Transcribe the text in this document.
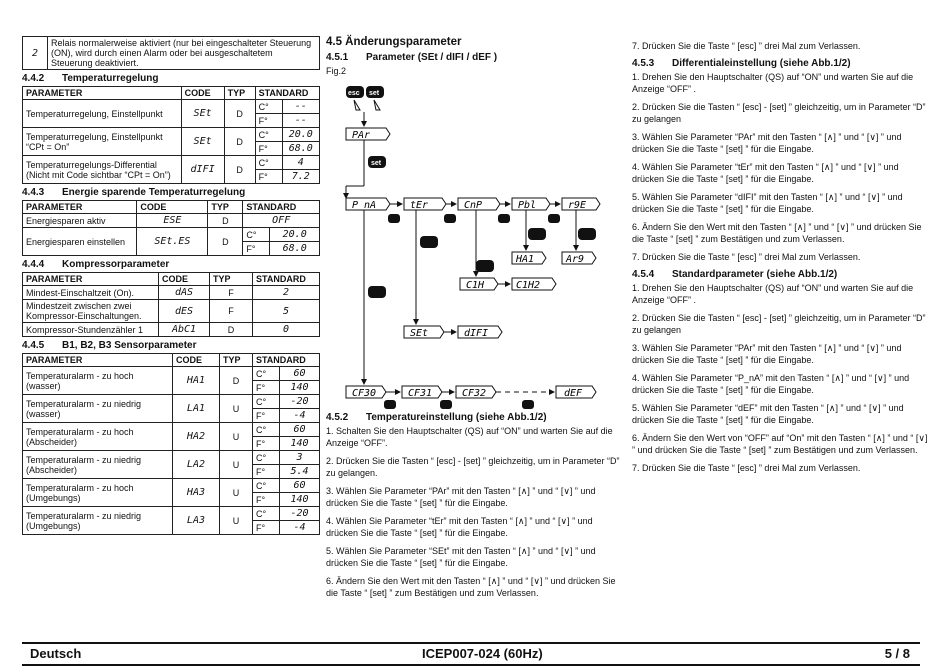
2	Relais normalerweise aktiviert (nur bei eingeschalteter Steuerung (ON), wird durch einen Alarm oder bei ausgeschaltetem Steuerung deaktiviert.
4.4.2 Temperaturregelung
PARAMETER	CODE	TYP	STANDARD	
Temperaturregelung, Einstellpunkt	SEt	D	C°	--
			F°	--
Temperaturregelung, Einstellpunkt “CPt = On”	SEt	D	C°	20.0
			F°	68.0
Temperaturregelungs-Differential (Nicht mit Code sichtbar “CPt = On”)	dIFI	D	C°	4
			F°	7.2
4.4.3 Energie sparende Temperaturregelung
PARAMETER	CODE	TYP	STANDARD	
Energiesparen aktiv	ESE	D	OFF	
Energiesparen einstellen	SEt.ES	D	C°	20.0
			F°	68.0
4.4.4 Kompressorparameter
PARAMETER	CODE	TYP	STANDARD
Mindest-Einschaltzeit (On).	dAS	F	2
Mindestzeit zwischen zwei Kompressor-Einschaltungen.	dES	F	5
Kompressor-Stundenzähler 1	AbC1	D	0
4.4.5 B1, B2, B3 Sensorparameter
PARAMETER	CODE	TYP	STANDARD	
Temperaturalarm - zu hoch (wasser)	HA1	D	C°	60
			F°	140
Temperaturalarm - zu niedrig (wasser)	LA1	U	C°	-20
			F°	-4
Temperaturalarm - zu hoch (Abscheider)	HA2	U	C°	60
			F°	140
Temperaturalarm - zu niedrig (Abscheider)	LA2	U	C°	3
			F°	5.4
Temperaturalarm - zu hoch (Umgebungs)	HA3	U	C°	60
			F°	140
Temperaturalarm - zu niedrig (Umgebungs)	LA3	U	C°	-20
			F°	-4
4.5 Änderungsparameter
4.5.1 Parameter (SEt / dIFI / dEF )
Fig.2
esc set
PAr
set
P_nA	tEr	CnP	Pbl	r9E
HA1	Ar9
C1H	C1H2
SEt	dIFI
CF30	CF31	CF32	dEF
4.5.2 Temperatureinstellung (siehe Abb.1/2)

1. Schalten Sie den Hauptschalter (QS) auf “ON” und warten Sie auf die Anzeige “OFF”.

2. Drücken Sie die Tasten “ [esc] - [set] ” gleichzeitig, um in Parameter “D” zu gelangen.

3. Wählen Sie Parameter “PAr” mit den Tasten “ [∧] ” und “ [∨] ” und drücken Sie die Taste “ [set] ” für die Eingabe.

4. Wählen Sie Parameter “tEr” mit den Tasten “ [∧] ” und “ [∨] ” und drücken Sie die Taste “ [set] ” für die Eingabe.

5. Wählen Sie Parameter “SEt” mit den Tasten “ [∧] ” und “ [∨] ” und drücken Sie die Taste “ [set] ” für die Eingabe.

6. Ändern Sie den Wert mit den Tasten “ [∧] ” und “ [∨] ” und drücken Sie die Taste “ [set] ” zum Bestätigen und zum Verlassen.

7. Drücken Sie die Taste “ [esc] ” drei Mal zum Verlassen.

4.5.3 Differentialeinstellung (siehe Abb.1/2)

1. Drehen Sie den Hauptschalter (QS) auf “ON” und warten Sie auf die Anzeige “OFF” .

2. Drücken Sie die Tasten “ [esc] - [set] ” gleichzeitig, um in Parameter “D” zu gelangen

3. Wählen Sie Parameter “PAr” mit den Tasten “ [∧] ” und “ [∨] ” und drücken Sie die Taste “ [set] ” für die Eingabe.

4. Wählen Sie Parameter “tEr” mit den Tasten “ [∧] ” und “ [∨] ” und drücken Sie die Taste “ [set] ” für die Eingabe.

5. Wählen Sie Parameter “dIFI” mit den Tasten “ [∧] ” und “ [∨] ” und drücken Sie die Taste “ [set] ” für die Eingabe.

6. Ändern Sie den Wert mit den Tasten “ [∧] ” und “ [∨] ” und drücken Sie die Taste “ [set] ” zum Bestätigen und zum Verlassen.

7. Drücken Sie die Taste “ [esc] ” drei Mal zum Verlassen.

4.5.4 Standardparameter (siehe Abb.1/2)

1. Drehen Sie den Hauptschalter (QS) auf “ON” und warten Sie auf die Anzeige “OFF” .

2. Drücken Sie die Tasten “ [esc] - [set] ” gleichzeitig, um in Parameter “D” zu gelangen

3. Wählen Sie Parameter “PAr” mit den Tasten “ [∧] ” und “ [∨] ” und drücken Sie die Taste “ [set] ” für die Eingabe.

4. Wählen Sie Parameter “P_nA” mit den Tasten “ [∧] ” und “ [∨] ” und drücken Sie die Taste “ [set] ” für die Eingabe.

5. Wählen Sie Parameter “dEF” mit den Tasten “ [∧] ” und “ [∨] ” und drücken Sie die Taste “ [set] ” für die Eingabe.

6. Ändern Sie den Wert von “OFF” auf “On” mit den Tasten “ [∧] ” und “ [∨] ” und drücken Sie die Taste “ [set] ” zum Bestätigen und zum Verlassen.

7. Drücken Sie die Taste “ [esc] ” drei Mal zum Verlassen.

Deutsch	ICEP007-024 (60Hz)	5 / 8
